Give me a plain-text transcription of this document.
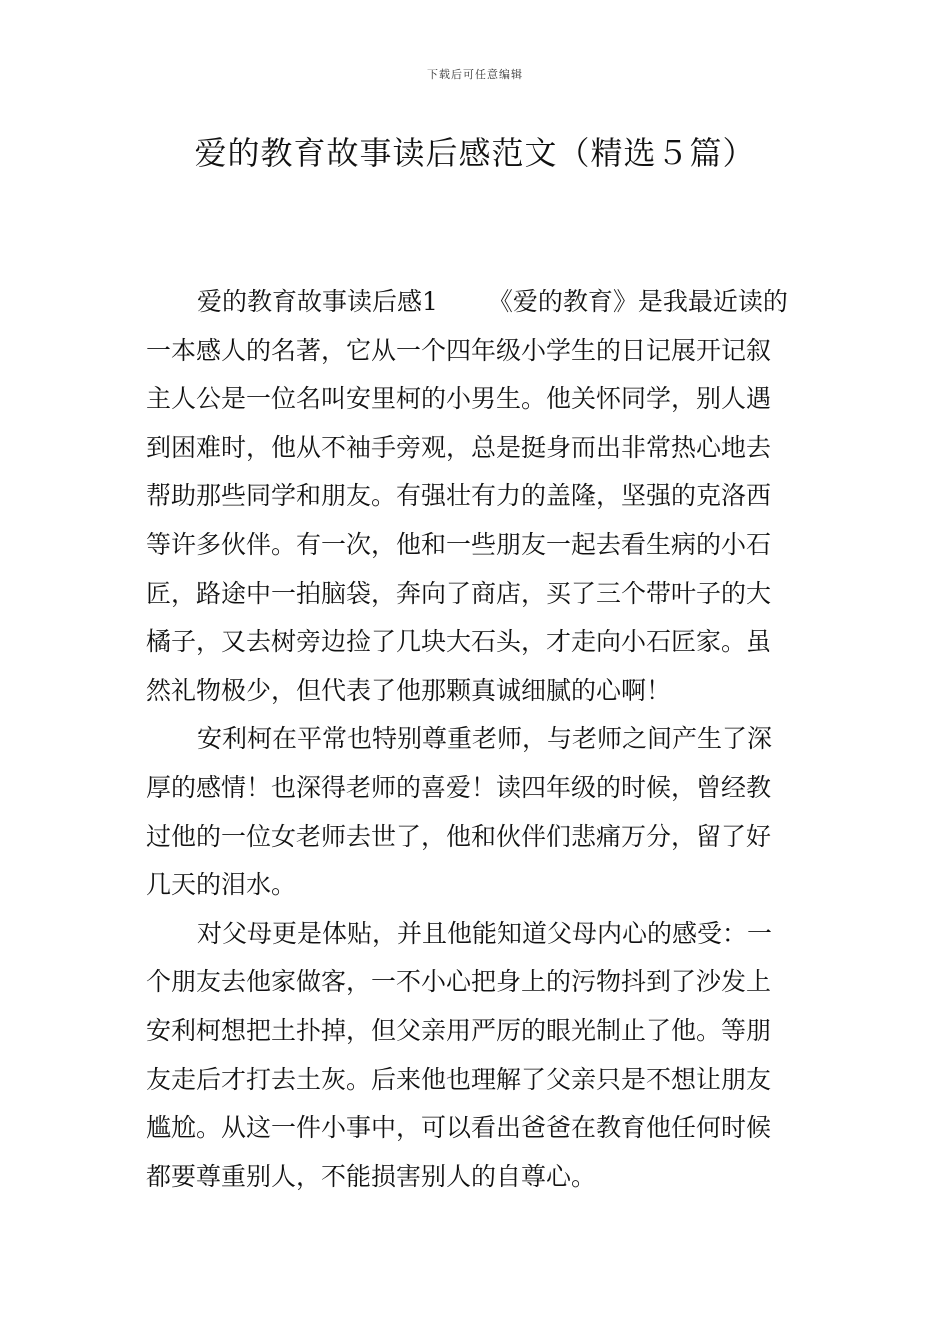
下载后可任意编辑
爱的教育故事读后感范文（精选５篇）
爱的教育故事读后感1 《爱的教育》是我最近读的
一本感人的名著，它从一个四年级小学生的日记展开记叙
主人公是一位名叫安里柯的小男生。他关怀同学，别人遇
到困难时，他从不袖手旁观，总是挺身而出非常热心地去
帮助那些同学和朋友。有强壮有力的盖隆，坚强的克洛西
等许多伙伴。有一次，他和一些朋友一起去看生病的小石
匠，路途中一拍脑袋，奔向了商店，买了三个带叶子的大
橘子，又去树旁边捡了几块大石头，才走向小石匠家。虽
然礼物极少，但代表了他那颗真诚细腻的心啊！
安利柯在平常也特别尊重老师，与老师之间产生了深
厚的感情！也深得老师的喜爱！读四年级的时候，曾经教
过他的一位女老师去世了，他和伙伴们悲痛万分，留了好
几天的泪水。
对父母更是体贴，并且他能知道父母内心的感受：一
个朋友去他家做客，一不小心把身上的污物抖到了沙发上
安利柯想把土扑掉，但父亲用严厉的眼光制止了他。等朋
友走后才打去土灰。后来他也理解了父亲只是不想让朋友
尴尬。从这一件小事中，可以看出爸爸在教育他任何时候
都要尊重别人，不能损害别人的自尊心。
